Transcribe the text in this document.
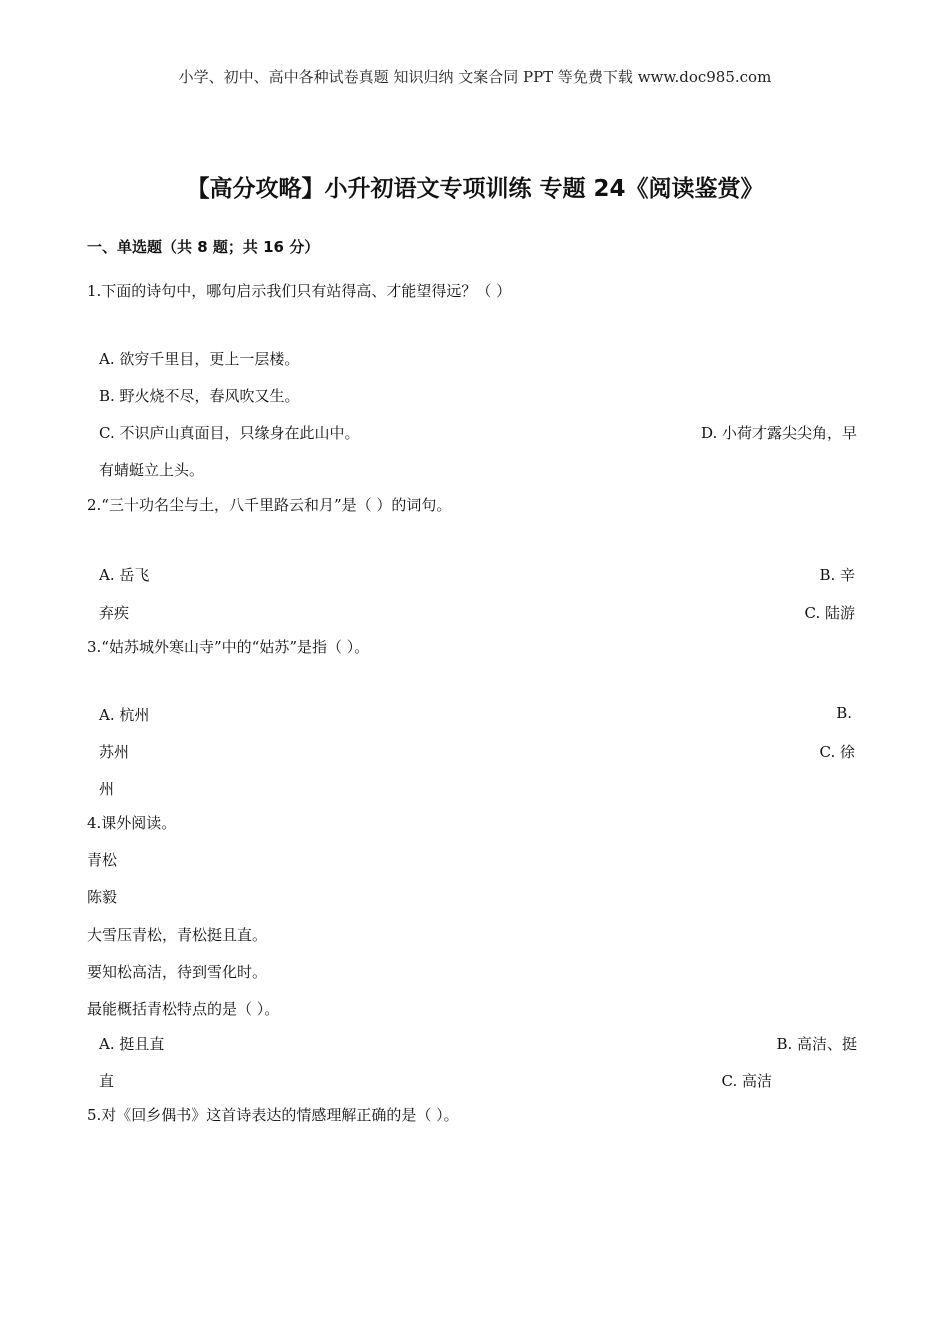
小学、初中、高中各种试卷真题 知识归纳 文案合同 PPT 等免费下载 www.doc985.com
【高分攻略】小升初语文专项训练 专题 24《阅读鉴赏》
一、单选题（共 8 题；共 16 分）
1.下面的诗句中，哪句启示我们只有站得高、才能望得远？（ ）
A. 欲穷千里目，更上一层楼。
B. 野火烧不尽，春风吹又生。
C. 不识庐山真面目，只缘身在此山中。	D. 小荷才露尖尖角，早
有蜻蜓立上头。
2.“三十功名尘与土，八千里路云和月”是（ ）的词句。
A. 岳飞	B. 辛
弃疾	C. 陆游
3.“姑苏城外寒山寺”中的“姑苏”是指（ ）。
A. 杭州	B.
苏州	C. 徐
州
4.课外阅读。
青松
陈毅
大雪压青松，青松挺且直。
要知松高洁，待到雪化时。
最能概括青松特点的是（ ）。
A. 挺且直	B. 高洁、挺
直	C. 高洁
5.对《回乡偶书》这首诗表达的情感理解正确的是（ ）。
